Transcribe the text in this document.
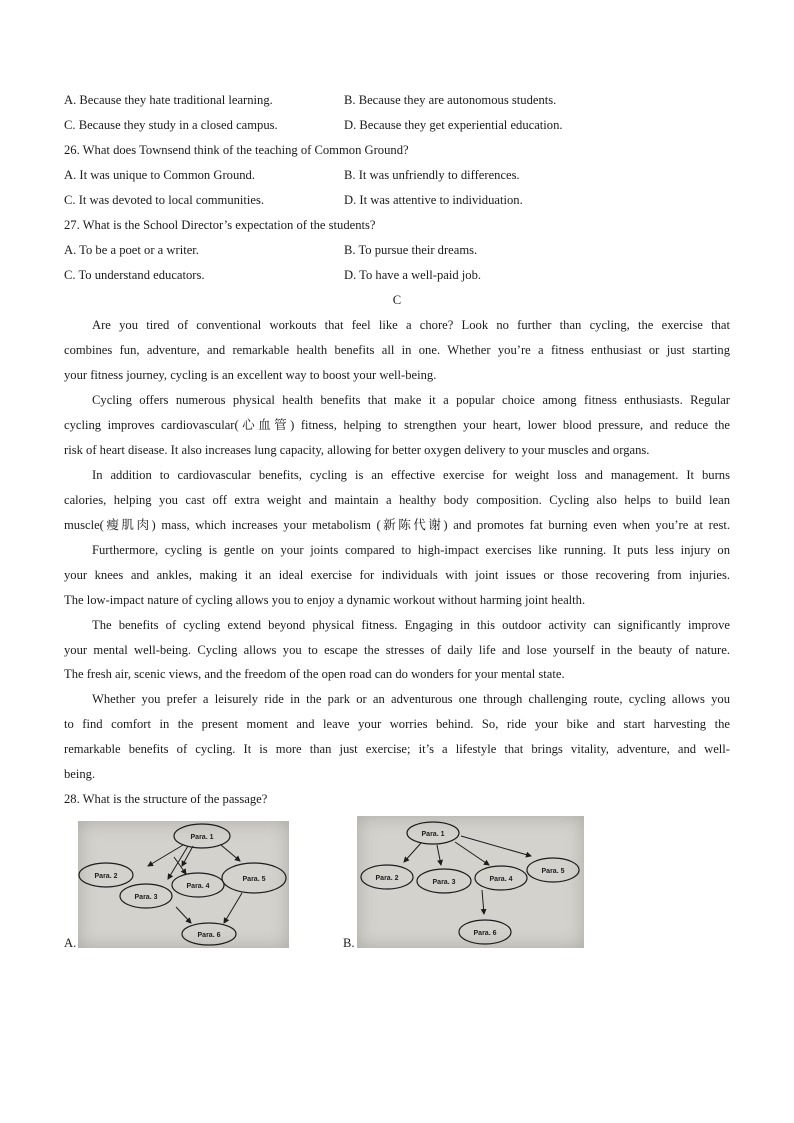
A. Because they hate traditional learning.	B. Because they are autonomous students.
C. Because they study in a closed campus.	D. Because they get experiential education.
26. What does Townsend think of the teaching of Common Ground?
A. It was unique to Common Ground.	B. It was unfriendly to differences.
C. It was devoted to local communities.	D. It was attentive to individuation.
27. What is the School Director’s expectation of the students?
A. To be a poet or a writer.	B. To pursue their dreams.
C. To understand educators.	D. To have a well-paid job.
C
Are you tired of conventional workouts that feel like a chore? Look no further than cycling, the exercise that
combines fun, adventure, and remarkable health benefits all in one. Whether you’re a fitness enthusiast or just starting
your fitness journey, cycling is an excellent way to boost your well-being.
Cycling offers numerous physical health benefits that make it a popular choice among fitness enthusiasts. Regular
cycling improves cardiovascular(心血管) fitness, helping to strengthen your heart, lower blood pressure, and reduce the
risk of heart disease. It also increases lung capacity, allowing for better oxygen delivery to your muscles and organs.
In addition to cardiovascular benefits, cycling is an effective exercise for weight loss and management. It burns
calories, helping you cast off extra weight and maintain a healthy body composition. Cycling also helps to build lean
muscle(瘦肌肉) mass, which increases your metabolism (新陈代谢) and promotes fat burning even when you’re at rest.
Furthermore, cycling is gentle on your joints compared to high-impact exercises like running. It puts less injury on
your knees and ankles, making it an ideal exercise for individuals with joint issues or those recovering from injuries.
The low-impact nature of cycling allows you to enjoy a dynamic workout without harming joint health.
The benefits of cycling extend beyond physical fitness. Engaging in this outdoor activity can significantly improve
your mental well-being. Cycling allows you to escape the stresses of daily life and lose yourself in the beauty of nature.
The fresh air, scenic views, and the freedom of the open road can do wonders for your mental state.
Whether you prefer a leisurely ride in the park or an adventurous one through challenging route, cycling allows you
to find comfort in the present moment and leave your worries behind. So, ride your bike and start harvesting the
remarkable benefits of cycling. It is more than just exercise; it’s a lifestyle that brings vitality, adventure, and well-
being.
28. What is the structure of the passage?
A.
Para. 1
Para. 2
Para. 3
Para. 4
Para. 5
Para. 6
B.
Para. 1
Para. 2
Para. 3	Para. 4
Para. 5
Para. 6
